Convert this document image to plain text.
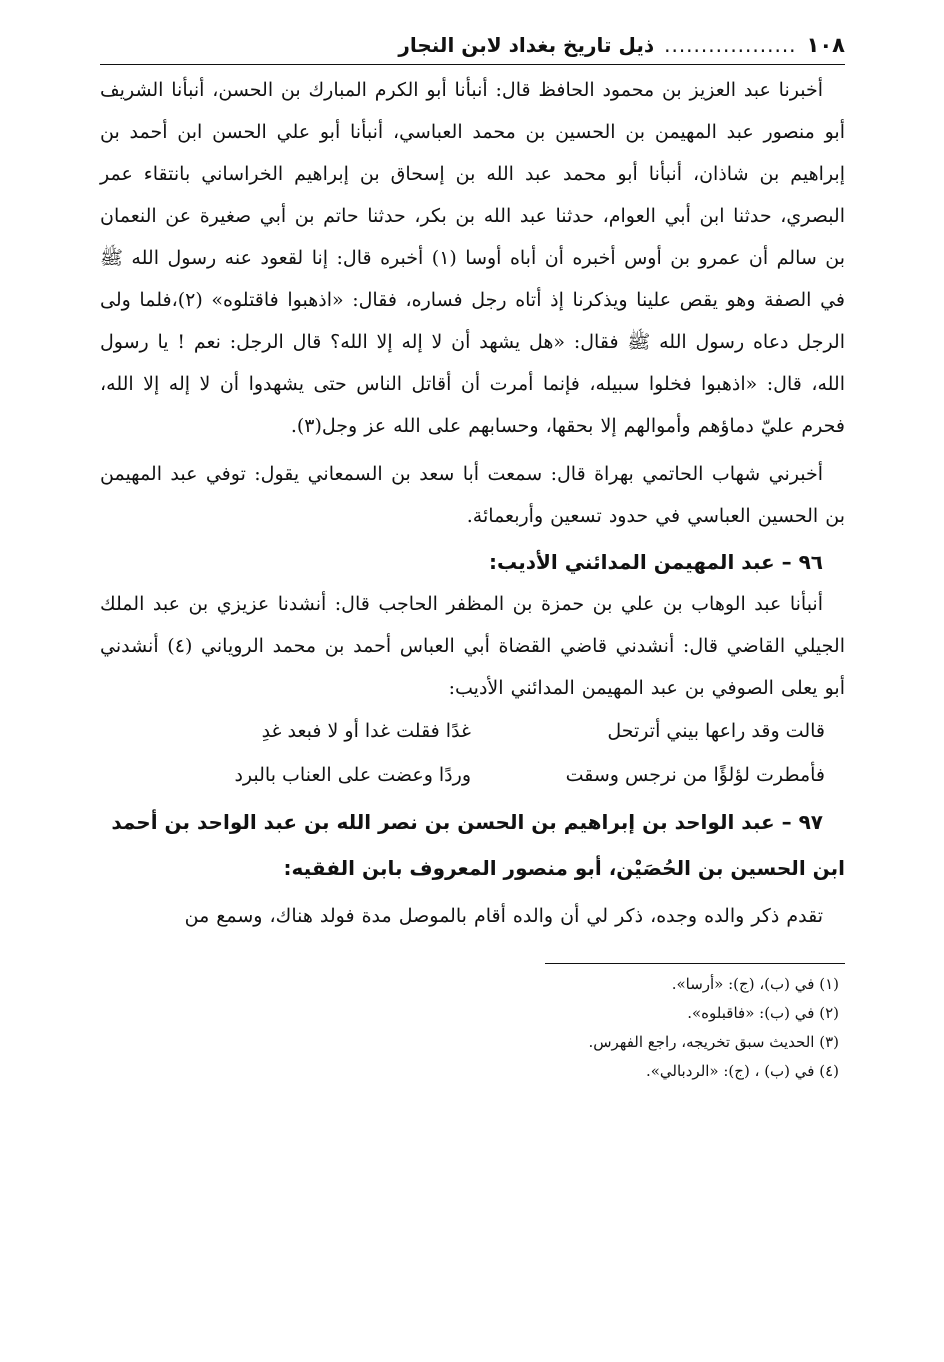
١٠٨
..................
ذيل تاريخ بغداد لابن النجار

أخبرنا عبد العزيز بن محمود الحافظ قال: أنبأنا أبو الكرم المبارك بن الحسن، أنبأنا الشريف أبو منصور عبد المهيمن بن الحسين بن محمد العباسي، أنبأنا أبو علي الحسن ابن أحمد بن إبراهيم بن شاذان، أنبأنا أبو محمد عبد الله بن إسحاق بن إبراهيم الخراساني بانتقاء عمر البصري، حدثنا ابن أبي العوام، حدثنا عبد الله بن بكر، حدثنا حاتم بن أبي صغيرة عن النعمان بن سالم أن عمرو بن أوس أخبره أن أباه أوسا (١) أخبره قال: إنا لقعود عنه رسول الله ﷺ في الصفة وهو يقص علينا ويذكرنا إذ أتاه رجل فساره، فقال: «اذهبوا فاقتلوه» (٢)،فلما ولى الرجل دعاه رسول الله ﷺ فقال: «هل يشهد أن لا إله إلا الله؟ قال الرجل: نعم ! يا رسول الله، قال: «اذهبوا فخلوا سبيله، فإنما أمرت أن أقاتل الناس حتى يشهدوا أن لا إله إلا الله، فحرم عليّ دماؤهم وأموالهم إلا بحقها، وحسابهم على الله عز وجل(٣).

أخبرني شهاب الحاتمي بهراة قال: سمعت أبا سعد بن السمعاني يقول: توفي عبد المهيمن بن الحسين العباسي في حدود تسعين وأربعمائة.

٩٦ – عبد المهيمن المدائني الأديب:

أنبأنا عبد الوهاب بن علي بن حمزة بن المظفر الحاجب قال: أنشدنا عزيزي بن عبد الملك الجيلي القاضي قال: أنشدني قاضي القضاة أبي العباس أحمد بن محمد الروياني (٤) أنشدني أبو يعلى الصوفي بن عبد المهيمن المدائني الأديب:

قالت وقد راعها بيني أترتحل
غدًا فقلت غدا أو لا فبعد غدِ
فأمطرت لؤلؤًا من نرجس وسقت
وردًا وعضت على العناب بالبرد
٩٧ – عبد الواحد بن إبراهيم بن الحسن بن نصر الله بن عبد الواحد بن أحمد
ابن الحسين بن الحُصَيْن، أبو منصور المعروف بابن الفقيه:

تقدم ذكر والده وجده، ذكر لي أن والده أقام بالموصل مدة فولد هناك، وسمع من

(١) في (ب)، (ج): «أرسا».

(٢) في (ب): «فاقبلوه».

(٣) الحديث سبق تخريجه، راجع الفهرس.

(٤) في (ب) ، (ج): «الردبالي».
